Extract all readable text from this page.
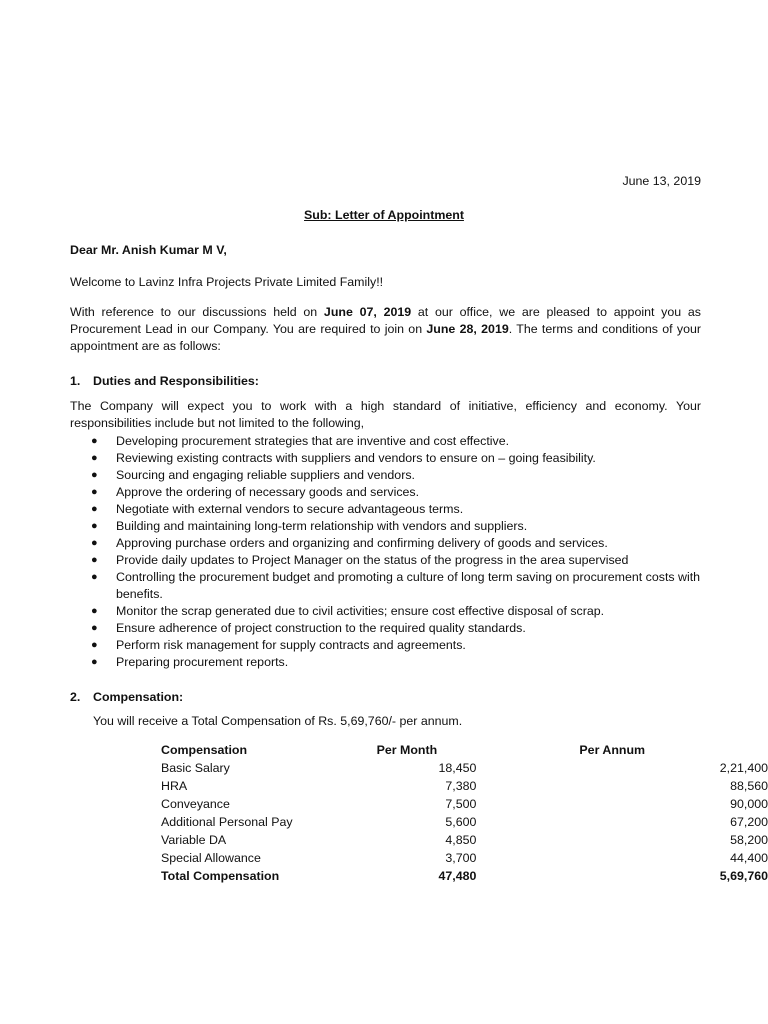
June 13, 2019
Sub: Letter of Appointment
Dear Mr. Anish Kumar M V,
Welcome to Lavinz Infra Projects Private Limited Family!!
With reference to our discussions held on June 07, 2019 at our office, we are pleased to appoint you as Procurement Lead in our Company. You are required to join on June 28, 2019. The terms and conditions of your appointment are as follows:
1. Duties and Responsibilities:
The Company will expect you to work with a high standard of initiative, efficiency and economy. Your responsibilities include but not limited to the following,
● Developing procurement strategies that are inventive and cost effective.
● Reviewing existing contracts with suppliers and vendors to ensure on – going feasibility.
● Sourcing and engaging reliable suppliers and vendors.
● Approve the ordering of necessary goods and services.
● Negotiate with external vendors to secure advantageous terms.
● Building and maintaining long-term relationship with vendors and suppliers.
● Approving purchase orders and organizing and confirming delivery of goods and services.
● Provide daily updates to Project Manager on the status of the progress in the area supervised
● Controlling the procurement budget and promoting a culture of long term saving on procurement costs with benefits.
● Monitor the scrap generated due to civil activities; ensure cost effective disposal of scrap.
● Ensure adherence of project construction to the required quality standards.
● Perform risk management for supply contracts and agreements.
● Preparing procurement reports.
2. Compensation:
You will receive a Total Compensation of Rs. 5,69,760/- per annum.
Compensation	Per Month	Per Annum
Basic Salary	18,450	2,21,400
HRA	7,380	88,560
Conveyance	7,500	90,000
Additional Personal Pay	5,600	67,200
Variable DA	4,850	58,200
Special Allowance	3,700	44,400
Total Compensation	47,480	5,69,760
